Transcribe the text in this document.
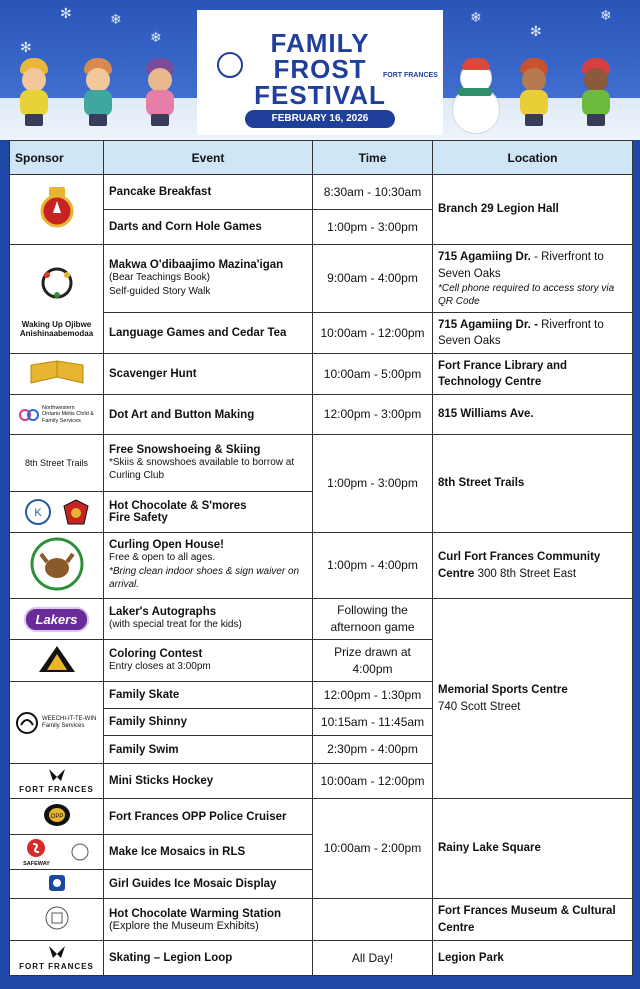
❄
❄
✻	❄
✻
❄
✻	FAMILY
FROST
FESTIVAL
FORT FRANCES
FEBRUARY 16, 2026
Sponsor	Event	Time	Location
	Pancake Breakfast	8:30am - 10:30am	Branch 29 Legion Hall
	Darts and Corn Hole Games	1:00pm - 3:00pm	

Waking Up Ojibwe Anishinaabemodaa	Makwa O'dibaajimo Mazina'igan
(Bear Teachings Book)
Self-guided Story Walk	9:00am - 4:00pm	715 Agamiing Dr. - Riverfront to Seven Oaks
*Cell phone required to access story via QR Code

	Language Games and Cedar Tea	10:00am - 12:00pm	715 Agamiing Dr. - Riverfront to Seven Oaks
	Scavenger Hunt	10:00am - 5:00pm	Fort France Library and Technology Centre

Northwestern Ontario Métis Child & Family Services	Dot Art and Button Making	12:00pm - 3:00pm	815 Williams Ave.
8th Street Trails	Free Snowshoeing & Skiing
*Skiis & snowshoes available to borrow at Curling Club	1:00pm - 3:00pm	8th Street Trails

K	Hot Chocolate & S'mores
Fire Safety		
	Curling Open House!
Free & open to all ages.
*Bring clean indoor shoes & sign waiver on arrival.	1:00pm - 4:00pm	Curl Fort Frances Community Centre 300 8th Street East
Lakers	Laker's Autographs
(with special treat for the kids)	Following the afternoon game	Memorial Sports Centre
740 Scott Street
	Coloring Contest
Entry closes at 3:00pm	Prize drawn at 4:00pm	

WEECHI-IT-TE-WIN Family Services	Family Skate	12:00pm - 1:30pm	
	Family Shinny	10:15am - 11:45am	
	Family Swim	2:30pm - 4:00pm	

FORT FRANCES	Mini Sticks Hockey	10:00am - 12:00pm	

OPP	Fort Frances OPP Police Cruiser	10:00am - 2:00pm	Rainy Lake Square

SAFEWAY	Make Ice Mosaics in RLS		
	Girl Guides Ice Mosaic Display		
	Hot Chocolate Warming Station
(Explore the Museum Exhibits)		Fort Frances Museum & Cultural Centre

FORT FRANCES	Skating – Legion Loop	All Day!	Legion Park
